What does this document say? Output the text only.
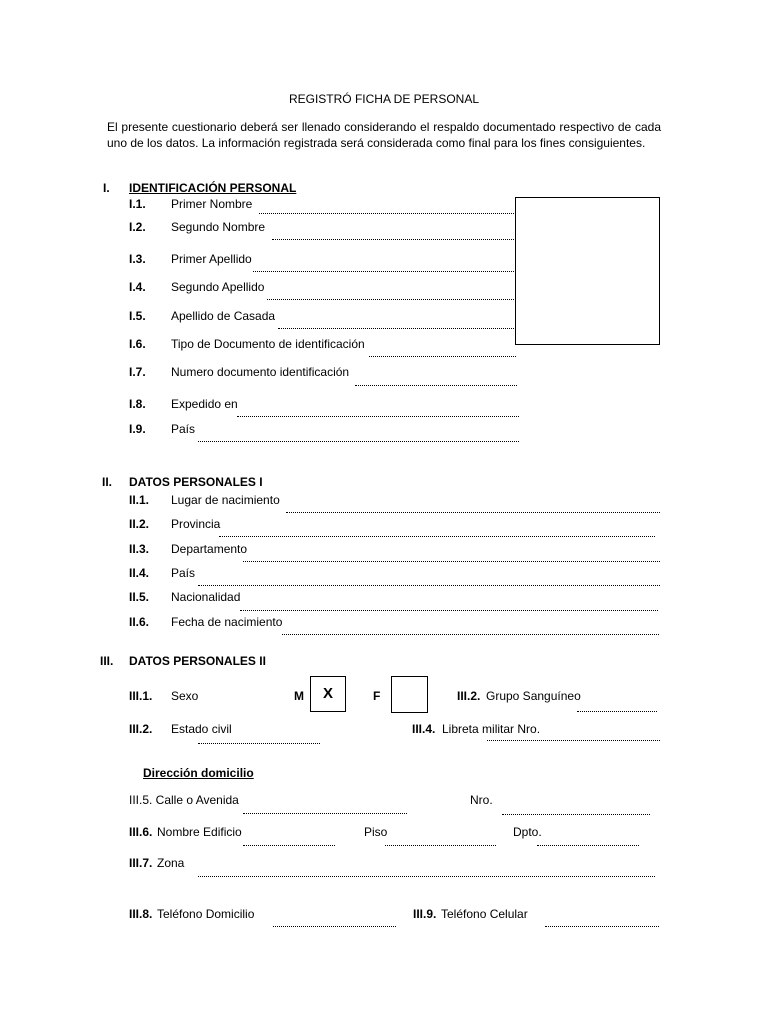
REGISTRÓ FICHA DE PERSONAL
El presente cuestionario deberá ser llenado considerando el respaldo documentado respectivo de cada uno de los datos. La información registrada será considerada como final para los fines consiguientes.
I. IDENTIFICACIÓN PERSONAL
I.1. Primer Nombre
I.2. Segundo Nombre
I.3. Primer Apellido
I.4. Segundo Apellido
I.5. Apellido de Casada
I.6. Tipo de Documento de identificación
I.7. Numero documento identificación
I.8. Expedido en
I.9. País
II. DATOS PERSONALES I
II.1. Lugar de nacimiento
II.2. Provincia
II.3. Departamento
II.4. País
II.5. Nacionalidad
II.6. Fecha de nacimiento
III. DATOS PERSONALES II
III.1. Sexo	M	X	F	III.2. Grupo Sanguíneo
III.2. Estado civil	III.4. Libreta militar Nro.
Dirección domicilio
III.5. Calle o Avenida	Nro.
III.6. Nombre Edificio	Piso	Dpto.
III.7. Zona
III.8. Teléfono Domicilio	III.9. Teléfono Celular
